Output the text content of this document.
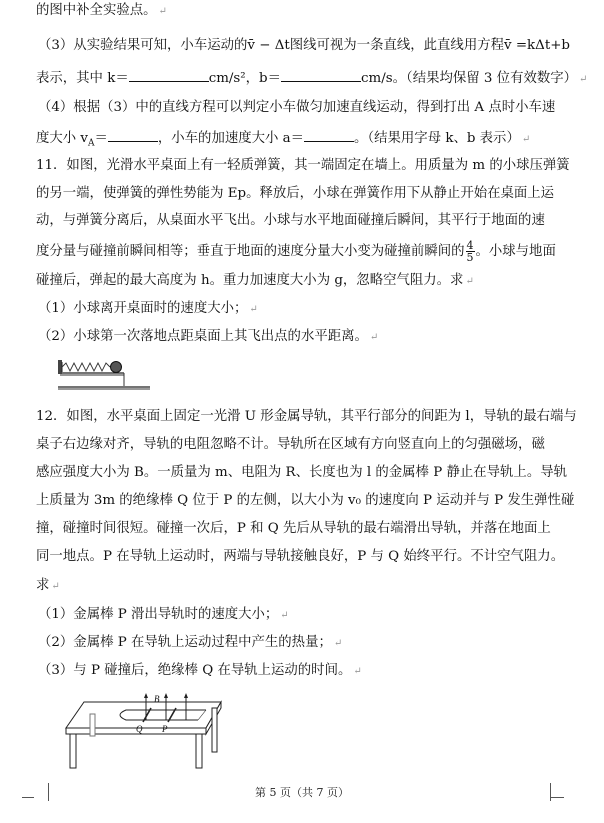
的图中补全实验点。 ↵
（3）从实验结果可知，小车运动的v̄ − Δt图线可视为一条直线，此直线用方程v̄ =kΔt+b
表示，其中 k＝	cm/s²，b＝	cm/s。（结果均保留 3 位有效数字） ↵
（4）根据（3）中的直线方程可以判定小车做匀加速直线运动，得到打出 A 点时小车速
度大小 $v_A=$	，小车的加速度大小 a＝	。（结果用字母 k、b 表示） ↵
11．如图，光滑水平桌面上有一轻质弹簧，其一端固定在墙上。用质量为 m 的小球压弹簧
的另一端，使弹簧的弹性势能为 Ep。释放后，小球在弹簧作用下从静止开始在桌面上运
动，与弹簧分离后，从桌面水平飞出。小球与水平地面碰撞后瞬间，其平行于地面的速
度分量与碰撞前瞬间相等；垂直于地面的速度分量大小变为碰撞前瞬间的 $\frac{4}{5}$ 。小球与地面
碰撞后，弹起的最大高度为 h。重力加速度大小为 g，忽略空气阻力。求 ↵
（1）小球离开桌面时的速度大小； ↵
（2）小球第一次落地点距桌面上其飞出点的水平距离。 ↵
12．如图，水平桌面上固定一光滑 U 形金属导轨，其平行部分的间距为 l，导轨的最右端与
桌子右边缘对齐，导轨的电阻忽略不计。导轨所在区域有方向竖直向上的匀强磁场，磁
感应强度大小为 B。一质量为 m、电阻为 R、长度也为 l 的金属棒 P 静止在导轨上。导轨
上质量为 3m 的绝缘棒 Q 位于 P 的左侧，以大小为 v₀ 的速度向 P 运动并与 P 发生弹性碰
撞，碰撞时间很短。碰撞一次后，P 和 Q 先后从导轨的最右端滑出导轨，并落在地面上
同一地点。P 在导轨上运动时，两端与导轨接触良好，P 与 Q 始终平行。不计空气阻力。
求 ↵
（1）金属棒 P 滑出导轨时的速度大小； ↵
（2）金属棒 P 在导轨上运动过程中产生的热量； ↵
（3）与 P 碰撞后，绝缘棒 Q 在导轨上运动的时间。 ↵
B
Q P
第 5 页（共 7 页）
